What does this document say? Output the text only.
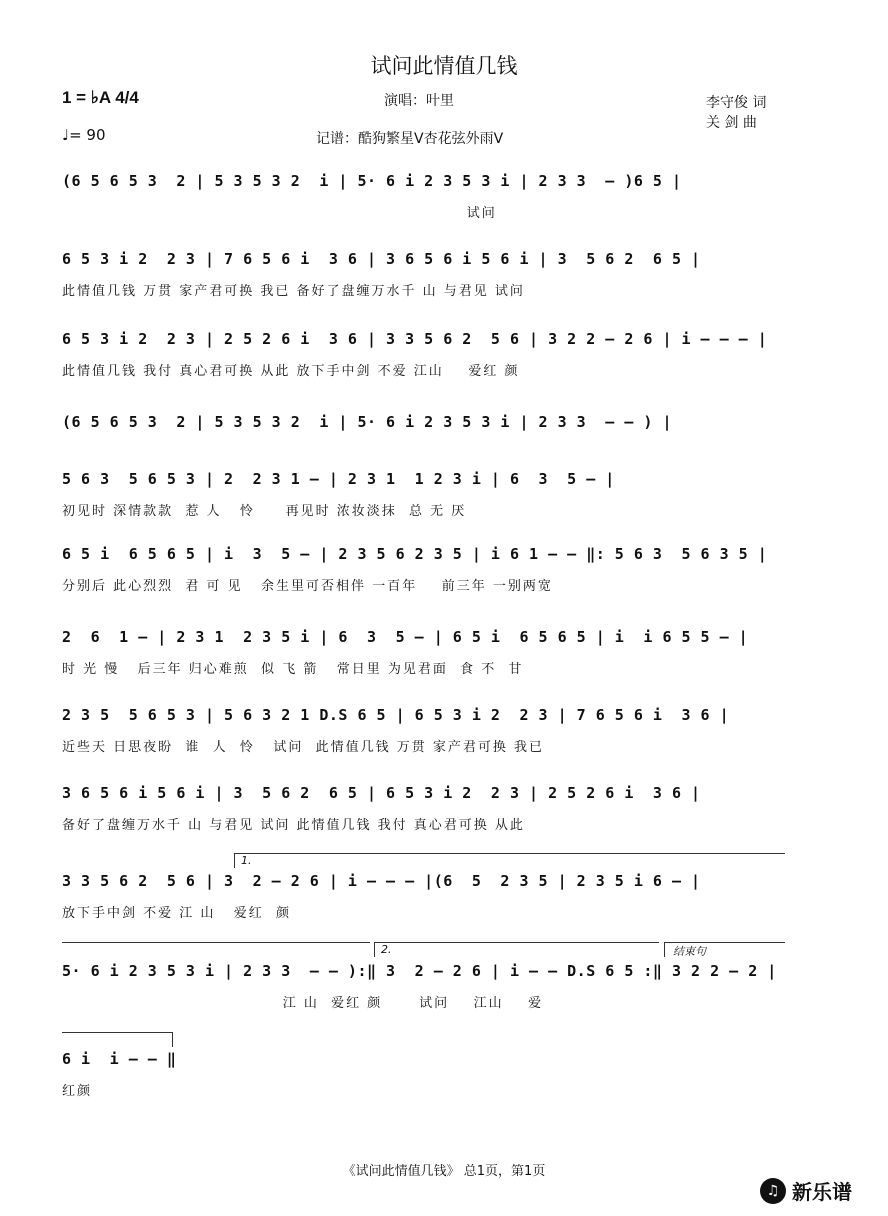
试问此情值几钱
1 = ♭A 4/4
♩= 90
演唱：叶里
记谱：酷狗繁星V杏花弦外雨V
李守俊 词
关 剑 曲
(6 5 6 5 3  2 | 5 3 5 3 2  i | 5· 6 i 2 3 5 3 i | 2 3 3  – )6 5 |
试问
6 5 3 i 2  2 3 | 7 6 5 6 i  3 6 | 3 6 5 6 i 5 6 i | 3  5 6 2  6 5 |
此情值几钱 万贯 家产君可换 我已 备好了盘缠万水千 山 与君见 试问
6 5 3 i 2  2 3 | 2 5 2 6 i  3 6 | 3 3 5 6 2  5 6 | 3 2 2 – 2 6 | i – – – |
此情值几钱 我付 真心君可换 从此 放下手中剑 不爱 江山    爱红 颜
(6 5 6 5 3  2 | 5 3 5 3 2  i | 5· 6 i 2 3 5 3 i | 2 3 3  – – ) |
5 6 3  5 6 5 3 | 2  2 3 1 – | 2 3 1  1 2 3 i | 6  3  5 – |
初见时 深情款款  惹 人   怜     再见时 浓妆淡抹  总 无 厌
6 5 i  6 5 6 5 | i  3  5 – | 2 3 5 6 2 3 5 | i 6 1 – – ‖: 5 6 3  5 6 3 5 |
分别后 此心烈烈  君 可 见   余生里可否相伴 一百年    前三年 一别两宽
2  6  1 – | 2 3 1  2 3 5 i | 6  3  5 – | 6 5 i  6 5 6 5 | i  i 6 5 5 – |
时 光 慢   后三年 归心难煎  似 飞 箭   常日里 为见君面  食 不  甘
2 3 5  5 6 5 3 | 5 6 3 2 1 D.S 6 5 | 6 5 3 i 2  2 3 | 7 6 5 6 i  3 6 |
近些天 日思夜盼  谁  人  怜   试问  此情值几钱 万贯 家产君可换 我已
3 6 5 6 i 5 6 i | 3  5 6 2  6 5 | 6 5 3 i 2  2 3 | 2 5 2 6 i  3 6 |
备好了盘缠万水千 山 与君见 试问 此情值几钱 我付 真心君可换 从此
1.
3 3 5 6 2  5 6 | 3  2 – 2 6 | i – – – |(6  5  2 3 5 | 2 3 5 i 6 – |
放下手中剑 不爱 江 山   爱红  颜
2.	结束句
5· 6 i 2 3 5 3 i | 2 3 3  – – ):‖ 3  2 – 2 6 | i – – D.S 6 5 :‖ 3 2 2 – 2 |
江 山  爱红 颜      试问    江山    爱
6 i  i – – ‖
红颜
《试问此情值几钱》 总1页，第1页
♫ 新乐谱
